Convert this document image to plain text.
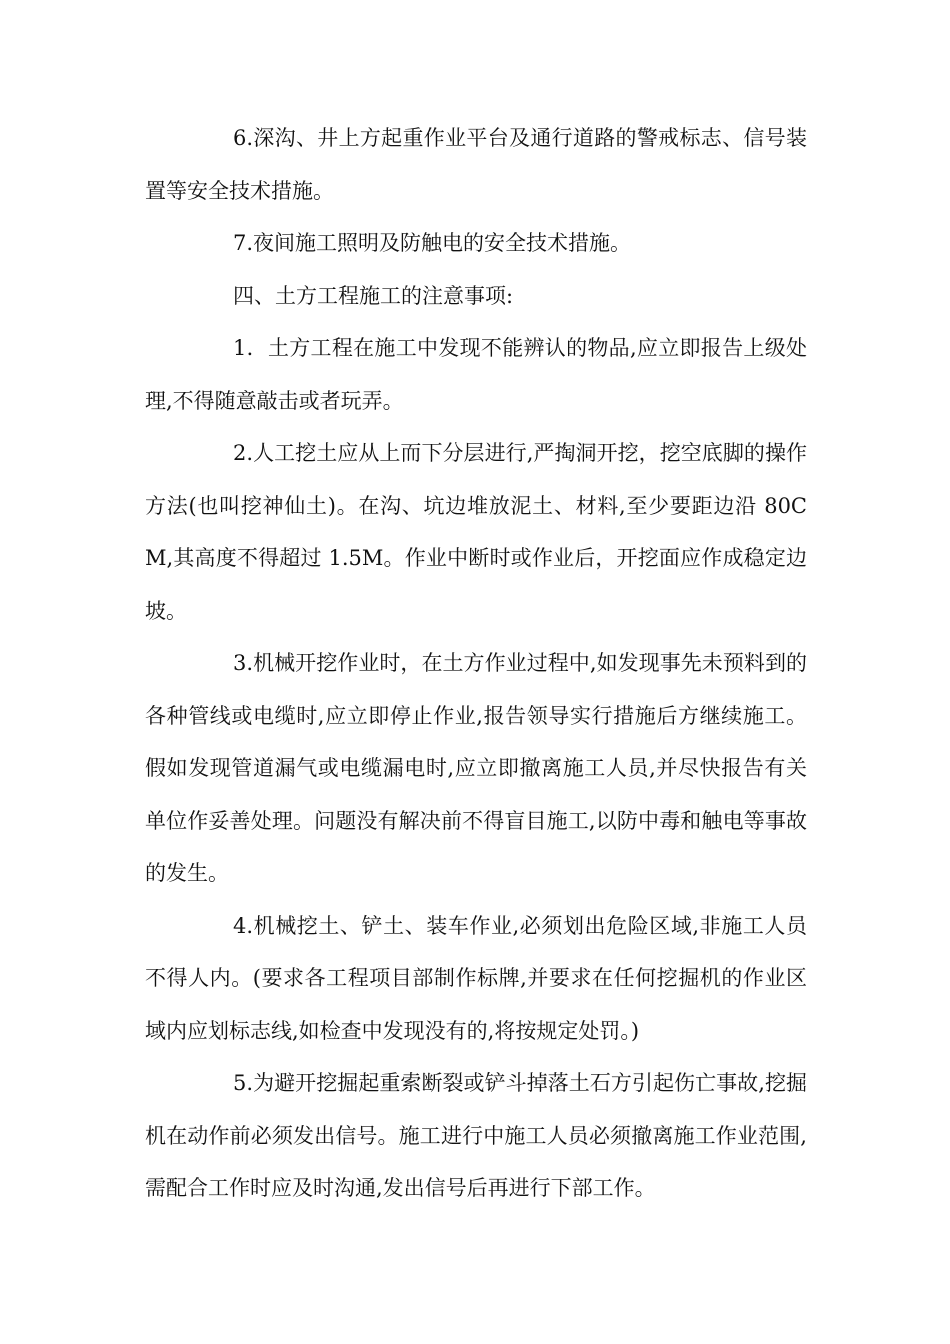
6.深沟、井上方起重作业平台及通行道路的警戒标志、信号装置等安全技术措施。

7.夜间施工照明及防触电的安全技术措施。

四、土方工程施工的注意事项:

1．土方工程在施工中发现不能辨认的物品,应立即报告上级处理,不得随意敲击或者玩弄。

2.人工挖土应从上而下分层进行,严掏洞开挖，挖空底脚的操作方法(也叫挖神仙土)。在沟、坑边堆放泥土、材料,至少要距边沿 80CM,其高度不得超过 1.5M。作业中断时或作业后，开挖面应作成稳定边坡。

3.机械开挖作业时，在土方作业过程中,如发现事先未预料到的各种管线或电缆时,应立即停止作业,报告领导实行措施后方继续施工。假如发现管道漏气或电缆漏电时,应立即撤离施工人员,并尽快报告有关单位作妥善处理。问题没有解决前不得盲目施工,以防中毒和触电等事故的发生。

4.机械挖土、铲土、装车作业,必须划出危险区域,非施工人员不得人内。(要求各工程项目部制作标牌,并要求在任何挖掘机的作业区域内应划标志线,如检查中发现没有的,将按规定处罚。)

5.为避开挖掘起重索断裂或铲斗掉落土石方引起伤亡事故,挖掘机在动作前必须发出信号。施工进行中施工人员必须撤离施工作业范围,需配合工作时应及时沟通,发出信号后再进行下部工作。
